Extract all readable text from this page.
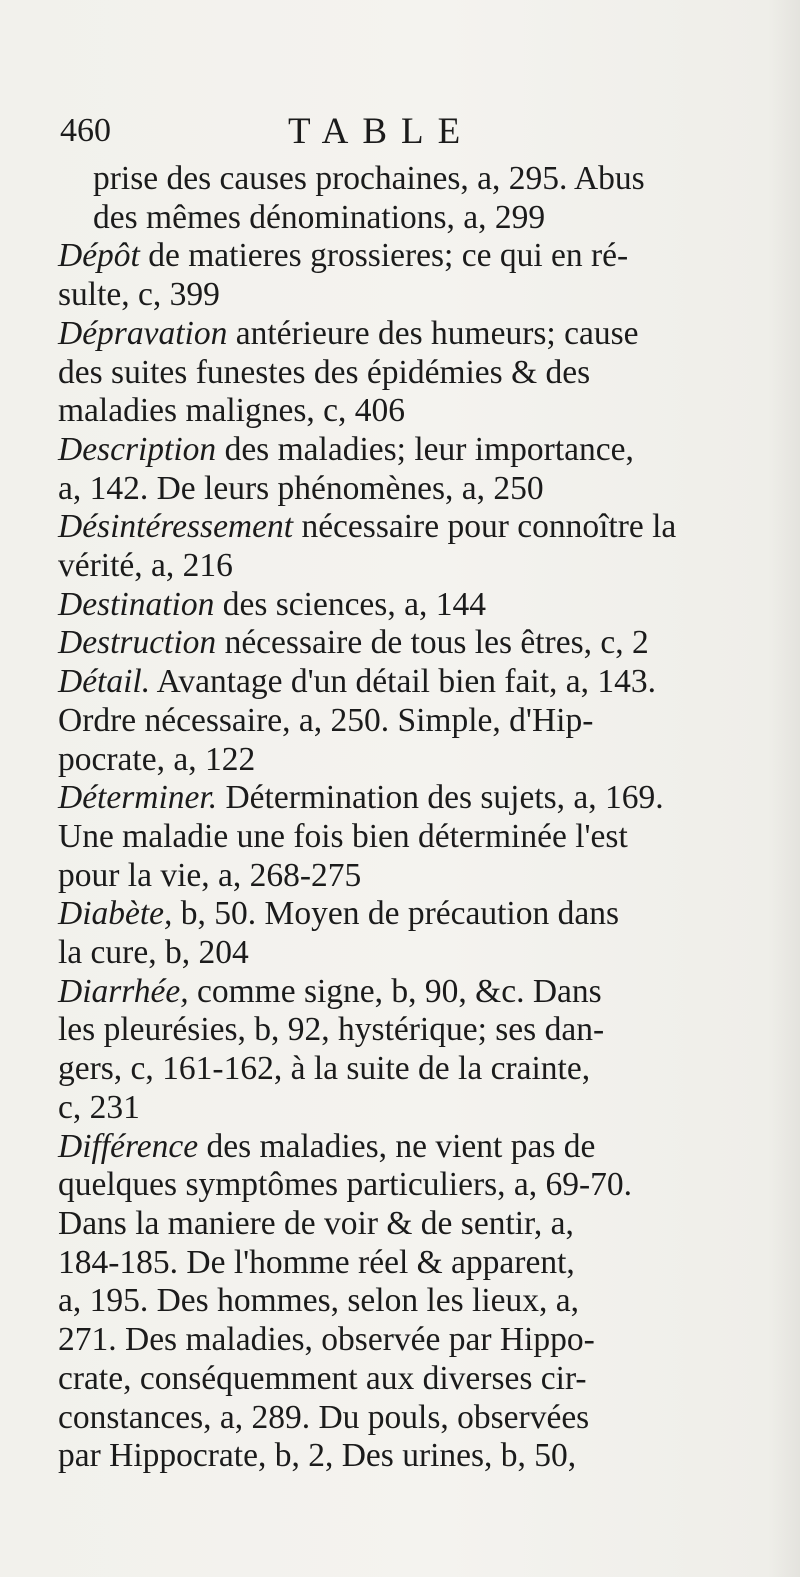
460	TABLE
prise des causes prochaines, a, 295. Abus
des mêmes dénominations, a, 299
Dépôt de matieres grossieres; ce qui en ré-
sulte, c, 399
Dépravation antérieure des humeurs; cause
des suites funestes des épidémies & des
maladies malignes, c, 406
Description des maladies; leur importance,
a, 142. De leurs phénomènes, a, 250
Désintéressement nécessaire pour connoître la
vérité, a, 216
Destination des sciences, a, 144
Destruction nécessaire de tous les êtres, c, 2
Détail. Avantage d'un détail bien fait, a, 143.
Ordre nécessaire, a, 250. Simple, d'Hip-
pocrate, a, 122
Déterminer. Détermination des sujets, a, 169.
Une maladie une fois bien déterminée l'est
pour la vie, a, 268-275
Diabète, b, 50. Moyen de précaution dans
la cure, b, 204
Diarrhée, comme signe, b, 90, &c. Dans
les pleurésies, b, 92, hystérique; ses dan-
gers, c, 161-162, à la suite de la crainte,
c, 231
Différence des maladies, ne vient pas de
quelques symptômes particuliers, a, 69-70.
Dans la maniere de voir & de sentir, a,
184-185. De l'homme réel & apparent,
a, 195. Des hommes, selon les lieux, a,
271. Des maladies, observée par Hippo-
crate, conséquemment aux diverses cir-
constances, a, 289. Du pouls, observées
par Hippocrate, b, 2, Des urines, b, 50,
